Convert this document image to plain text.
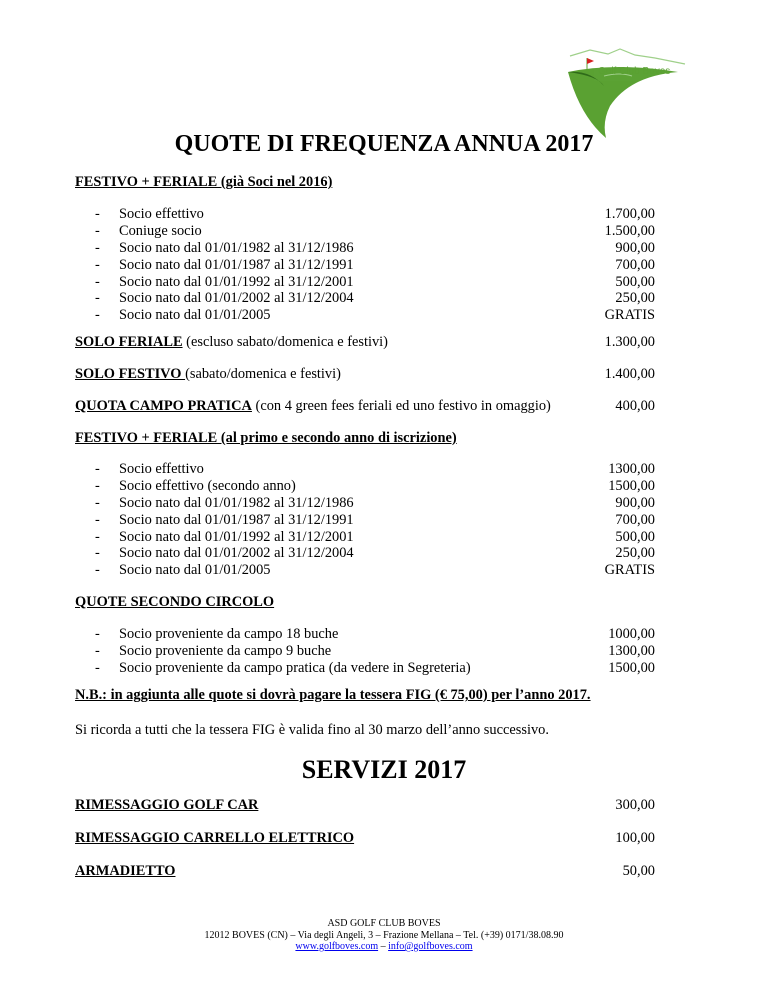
Golf Club Boves
QUOTE DI FREQUENZA ANNUA 2017
FESTIVO + FERIALE (già Soci nel 2016)
- Socio effettivo	1.700,00
- Coniuge socio	1.500,00
- Socio nato dal 01/01/1982 al 31/12/1986	900,00
- Socio nato dal 01/01/1987 al 31/12/1991	700,00
- Socio nato dal 01/01/1992 al 31/12/2001	500,00
- Socio nato dal 01/01/2002 al 31/12/2004	250,00
- Socio nato dal 01/01/2005	GRATIS
SOLO FERIALE (escluso sabato/domenica e festivi)	1.300,00
SOLO FESTIVO (sabato/domenica e festivi)	1.400,00
QUOTA CAMPO PRATICA (con 4 green fees feriali ed uno festivo in omaggio)	400,00
FESTIVO + FERIALE (al primo e secondo anno di iscrizione)
- Socio effettivo	1300,00
- Socio effettivo (secondo anno)	1500,00
- Socio nato dal 01/01/1982 al 31/12/1986	900,00
- Socio nato dal 01/01/1987 al 31/12/1991	700,00
- Socio nato dal 01/01/1992 al 31/12/2001	500,00
- Socio nato dal 01/01/2002 al 31/12/2004	250,00
- Socio nato dal 01/01/2005	GRATIS
QUOTE SECONDO CIRCOLO
- Socio proveniente da campo 18 buche	1000,00
- Socio proveniente da campo 9 buche	1300,00
- Socio proveniente da campo pratica (da vedere in Segreteria)	1500,00
N.B.: in aggiunta alle quote si dovrà pagare la tessera FIG (€ 75,00) per l’anno 2017.
Si ricorda a tutti che la tessera FIG è valida fino al 30 marzo dell’anno successivo.
SERVIZI 2017
RIMESSAGGIO GOLF CAR	300,00
RIMESSAGGIO CARRELLO ELETTRICO	100,00
ARMADIETTO	50,00
ASD GOLF CLUB BOVES
12012 BOVES (CN) – Via degli Angeli, 3 – Frazione Mellana – Tel. (+39) 0171/38.08.90
www.golfboves.com – info@golfboves.com
